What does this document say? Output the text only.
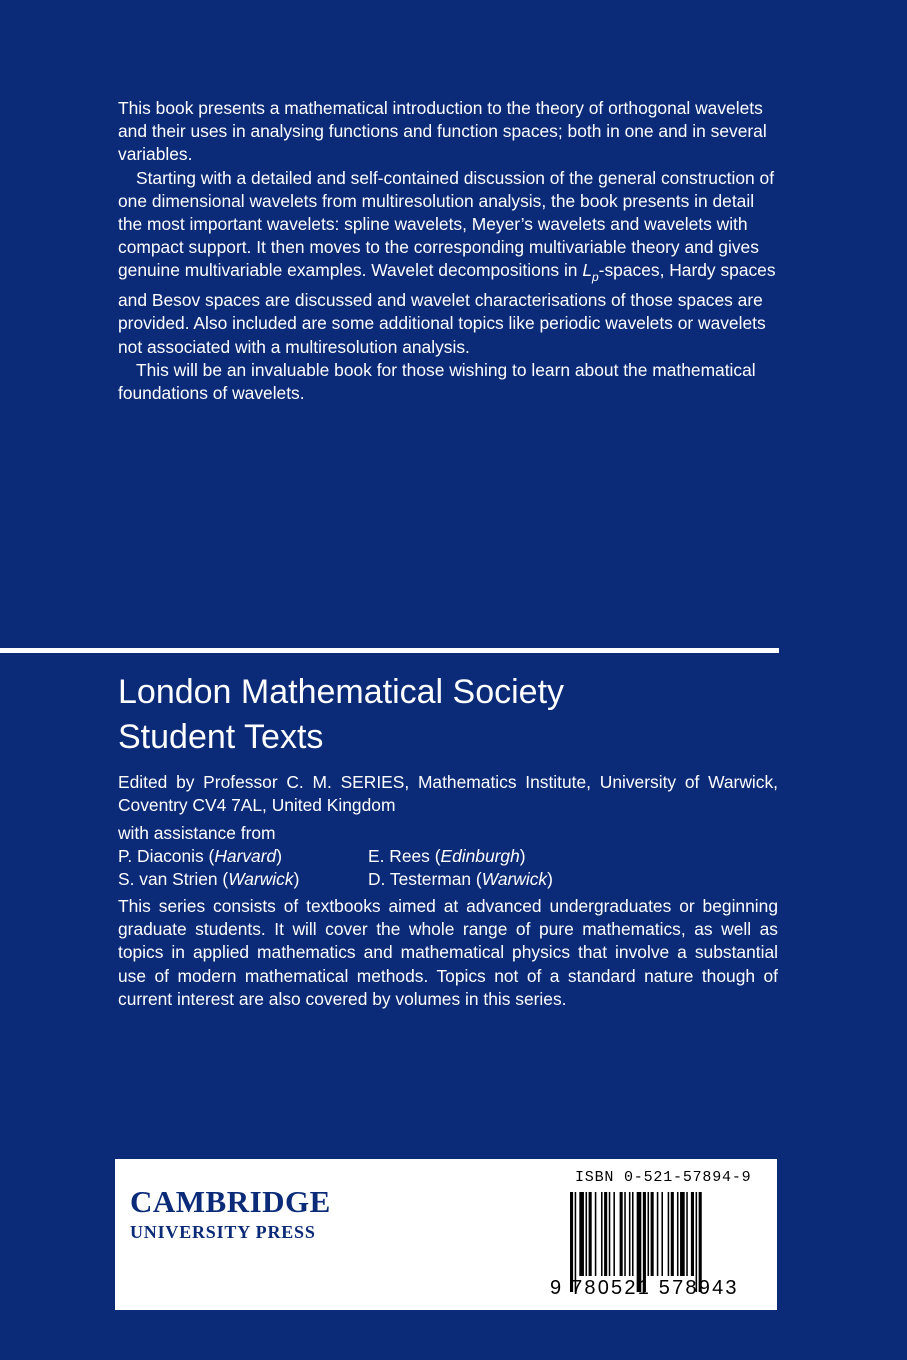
This book presents a mathematical introduction to the theory of orthogonal wavelets and their uses in analysing functions and function spaces; both in one and in several variables.

Starting with a detailed and self-contained discussion of the general construction of one dimensional wavelets from multiresolution analysis, the book presents in detail the most important wavelets: spline wavelets, Meyer’s wavelets and wavelets with compact support. It then moves to the corresponding multivariable theory and gives genuine multivariable examples. Wavelet decompositions in $L_p$-spaces, Hardy spaces and Besov spaces are discussed and wavelet characterisations of those spaces are provided. Also included are some additional topics like periodic wavelets or wavelets not associated with a multiresolution analysis.

This will be an invaluable book for those wishing to learn about the mathematical foundations of wavelets.

London Mathematical Society
Student Texts
Edited by Professor C. M. SERIES, Mathematics Institute, University of Warwick, Coventry CV4 7AL, United Kingdom
with assistance from
P. Diaconis (Harvard)	E. Rees (Edinburgh)
S. van Strien (Warwick)	D. Testerman (Warwick)
This series consists of textbooks aimed at advanced undergraduates or beginning graduate students. It will cover the whole range of pure mathematics, as well as topics in applied mathematics and mathematical physics that involve a substantial use of modern mathematical methods. Topics not of a standard nature though of current interest are also covered by volumes in this series.
CAMBRIDGE
UNIVERSITY PRESS
ISBN 0-521-57894-9
9 780521 578943
